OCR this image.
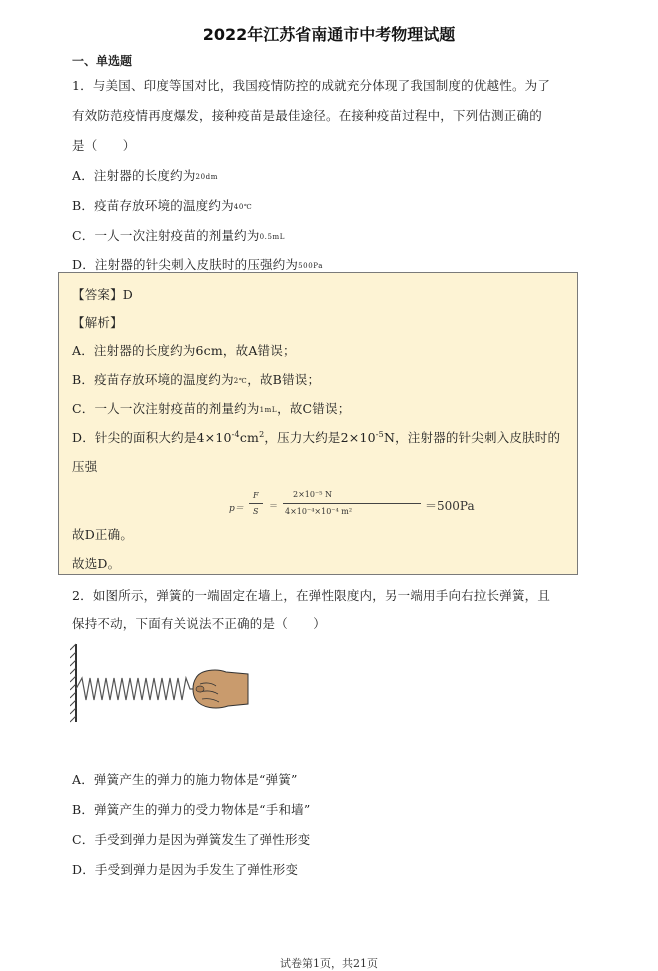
2022年江苏省南通市中考物理试题
一、单选题
1．与美国、印度等国对比，我国疫情防控的成就充分体现了我国制度的优越性。为了
有效防范疫情再度爆发，接种疫苗是最佳途径。在接种疫苗过程中，下列估测正确的
是（　　）
A．注射器的长度约为20dm
B．疫苗存放环境的温度约为40℃
C．一人一次注射疫苗的剂量约为0.5mL
D．注射器的针尖刺入皮肤时的压强约为500Pa
【答案】D
【解析】
A．注射器的长度约为6cm，故A错误；
B．疫苗存放环境的温度约为2℃，故B错误；
C．一人一次注射疫苗的剂量约为1mL，故C错误；
D．针尖的面积大约是$4\times 10^{-4}cm^2$，压力大约是$2\times 10^{-5}N$，注射器的针尖刺入皮肤时的
压强
p＝
F
S ＝
2×10⁻⁵ N
4×10⁻⁴×10⁻⁴ m²	＝500Pa
故D正确。
故选D。
2．如图所示，弹簧的一端固定在墙上，在弹性限度内，另一端用手向右拉长弹簧，且
保持不动，下面有关说法不正确的是（　　）
A．弹簧产生的弹力的施力物体是“弹簧”
B．弹簧产生的弹力的受力物体是“手和墙”
C．手受到弹力是因为弹簧发生了弹性形变
D．手受到弹力是因为手发生了弹性形变
试卷第1页，共21页
